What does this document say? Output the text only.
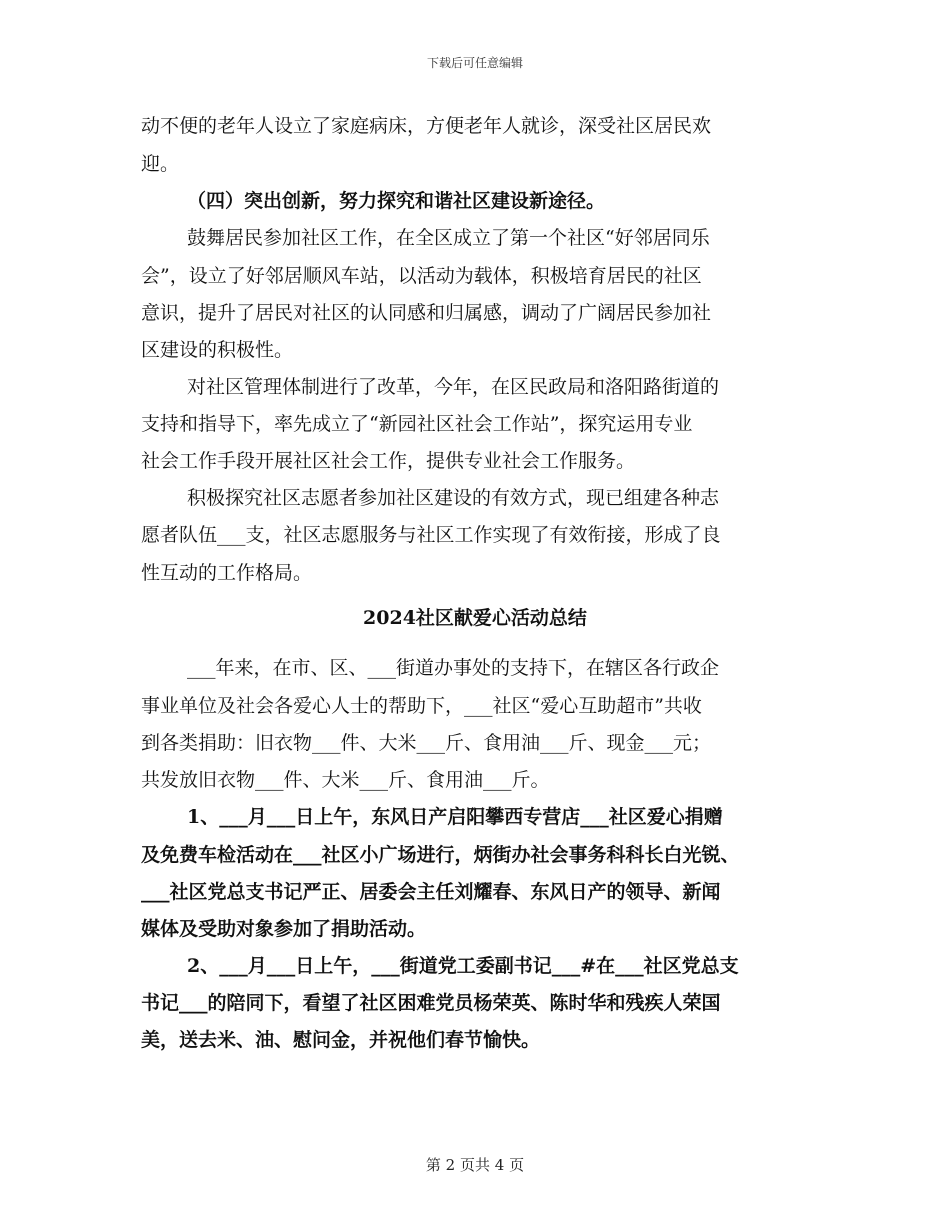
下载后可任意编辑
动不便的老年人设立了家庭病床，方便老年人就诊，深受社区居民欢
迎。
（四）突出创新，努力探究和谐社区建设新途径。
鼓舞居民参加社区工作，在全区成立了第一个社区“好邻居同乐
会”，设立了好邻居顺风车站，以活动为载体，积极培育居民的社区
意识，提升了居民对社区的认同感和归属感，调动了广阔居民参加社
区建设的积极性。
对社区管理体制进行了改革，今年，在区民政局和洛阳路街道的
支持和指导下，率先成立了“新园社区社会工作站”，探究运用专业
社会工作手段开展社区社会工作，提供专业社会工作服务。
积极探究社区志愿者参加社区建设的有效方式，现已组建各种志
愿者队伍___支，社区志愿服务与社区工作实现了有效衔接，形成了良
性互动的工作格局。
2024社区献爱心活动总结
___年来，在市、区、___街道办事处的支持下，在辖区各行政企
事业单位及社会各爱心人士的帮助下，___社区“爱心互助超市”共收
到各类捐助：旧衣物___件、大米___斤、食用油___斤、现金___元；
共发放旧衣物___件、大米___斤、食用油___斤。
1、___月___日上午，东风日产启阳攀西专营店___社区爱心捐赠
及免费车检活动在___社区小广场进行，炳街办社会事务科科长白光锐、
___社区党总支书记严正、居委会主任刘耀春、东风日产的领导、新闻
媒体及受助对象参加了捐助活动。
2、___月___日上午，___街道党工委副书记___#在___社区党总支
书记___的陪同下，看望了社区困难党员杨荣英、陈时华和残疾人荣国
美，送去米、油、慰问金，并祝他们春节愉快。
第 2 页共 4 页
